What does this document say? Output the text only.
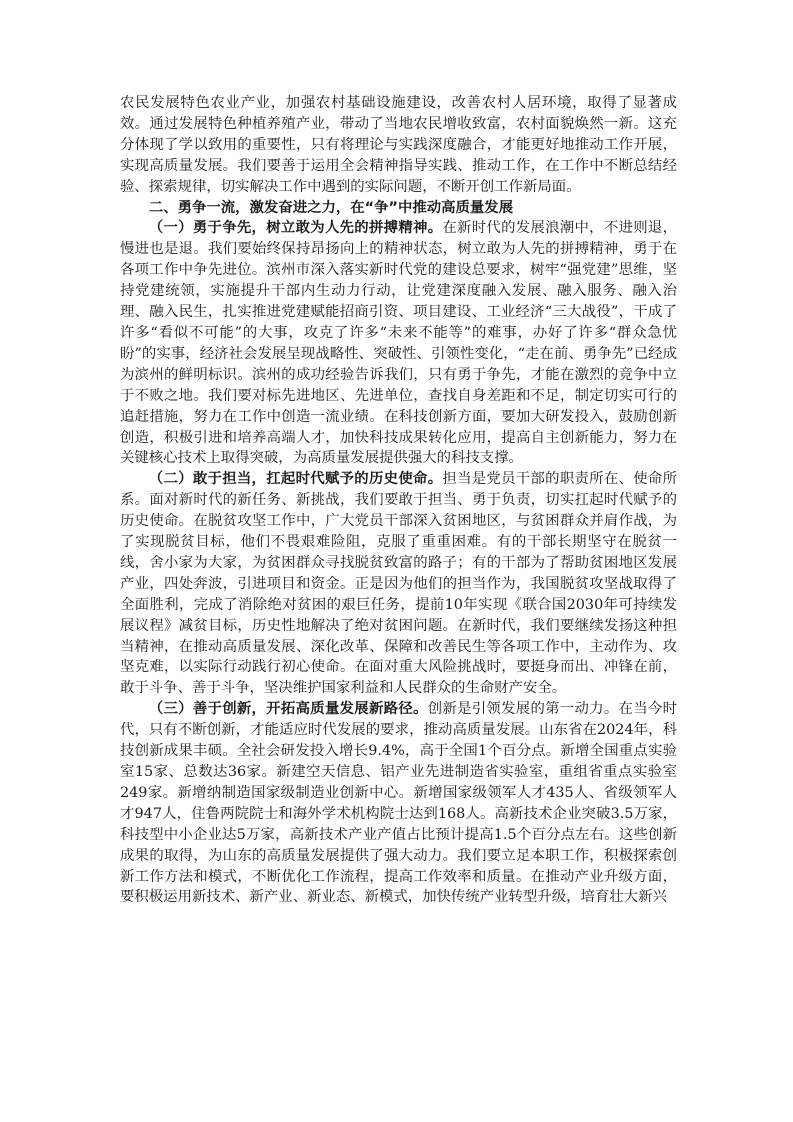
农民发展特色农业产业，加强农村基础设施建设，改善农村人居环境，取得了显著成效。通过发展特色种植养殖产业，带动了当地农民增收致富，农村面貌焕然一新。这充分体现了学以致用的重要性，只有将理论与实践深度融合，才能更好地推动工作开展，实现高质量发展。我们要善于运用全会精神指导实践、推动工作，在工作中不断总结经验、探索规律，切实解决工作中遇到的实际问题，不断开创工作新局面。

二、勇争一流，激发奋进之力，在“争”中推动高质量发展

（一）勇于争先，树立敢为人先的拼搏精神。在新时代的发展浪潮中，不进则退，慢进也是退。我们要始终保持昂扬向上的精神状态，树立敢为人先的拼搏精神，勇于在各项工作中争先进位。滨州市深入落实新时代党的建设总要求，树牢“强党建”思维，坚持党建统领，实施提升干部内生动力行动，让党建深度融入发展、融入服务、融入治理、融入民生，扎实推进党建赋能招商引资、项目建设、工业经济“三大战役”，干成了许多“看似不可能”的大事，攻克了许多“未来不能等”的难事，办好了许多“群众急忧盼”的实事，经济社会发展呈现战略性、突破性、引领性变化，“走在前、勇争先”已经成为滨州的鲜明标识。滨州的成功经验告诉我们，只有勇于争先，才能在激烈的竞争中立于不败之地。我们要对标先进地区、先进单位，查找自身差距和不足，制定切实可行的追赶措施，努力在工作中创造一流业绩。在科技创新方面，要加大研发投入，鼓励创新创造，积极引进和培养高端人才，加快科技成果转化应用，提高自主创新能力，努力在关键核心技术上取得突破，为高质量发展提供强大的科技支撑。

（二）敢于担当，扛起时代赋予的历史使命。担当是党员干部的职责所在、使命所系。面对新时代的新任务、新挑战，我们要敢于担当、勇于负责，切实扛起时代赋予的历史使命。在脱贫攻坚工作中，广大党员干部深入贫困地区，与贫困群众并肩作战，为了实现脱贫目标，他们不畏艰难险阻，克服了重重困难。有的干部长期坚守在脱贫一线，舍小家为大家，为贫困群众寻找脱贫致富的路子；有的干部为了帮助贫困地区发展产业，四处奔波，引进项目和资金。正是因为他们的担当作为，我国脱贫攻坚战取得了全面胜利，完成了消除绝对贫困的艰巨任务，提前10年实现《联合国2030年可持续发展议程》减贫目标，历史性地解决了绝对贫困问题。在新时代，我们要继续发扬这种担当精神，在推动高质量发展、深化改革、保障和改善民生等各项工作中，主动作为、攻坚克难，以实际行动践行初心使命。在面对重大风险挑战时，要挺身而出、冲锋在前，敢于斗争、善于斗争，坚决维护国家利益和人民群众的生命财产安全。

（三）善于创新，开拓高质量发展新路径。创新是引领发展的第一动力。在当今时代，只有不断创新，才能适应时代发展的要求，推动高质量发展。山东省在2024年，科技创新成果丰硕。全社会研发投入增长9.4%，高于全国1个百分点。新增全国重点实验室15家、总数达36家。新建空天信息、铝产业先进制造省实验室，重组省重点实验室249家。新增纳制造国家级制造业创新中心。新增国家级领军人才435人、省级领军人才947人，住鲁两院院士和海外学术机构院士达到168人。高新技术企业突破3.5万家，科技型中小企业达5万家，高新技术产业产值占比预计提高1.5个百分点左右。这些创新成果的取得，为山东的高质量发展提供了强大动力。我们要立足本职工作，积极探索创新工作方法和模式，不断优化工作流程，提高工作效率和质量。在推动产业升级方面，要积极运用新技术、新产业、新业态、新模式，加快传统产业转型升级，培育壮大新兴
